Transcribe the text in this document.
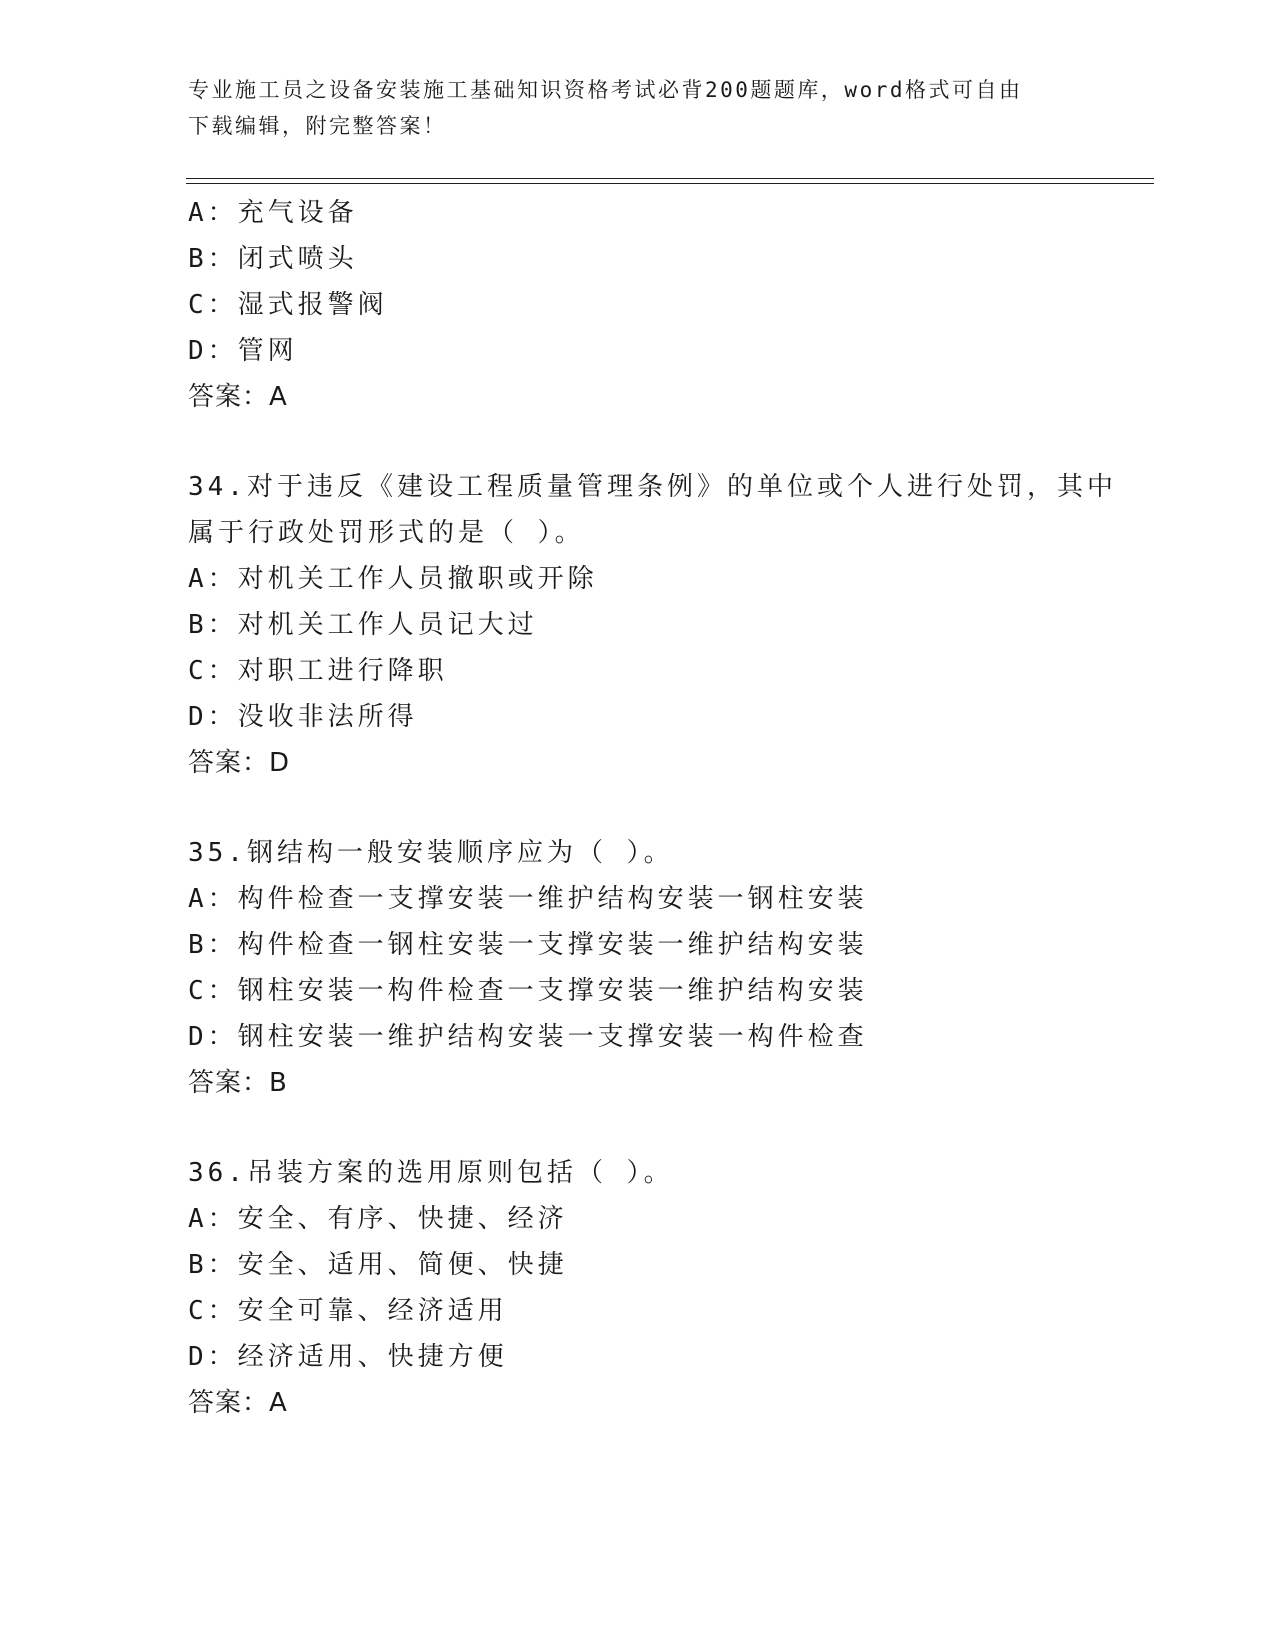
专业施工员之设备安装施工基础知识资格考试必背200题题库，word格式可自由
下载编辑，附完整答案！
A：充气设备
B：闭式喷头
C：湿式报警阀
D：管网
答案：A
34.对于违反《建设工程质量管理条例》的单位或个人进行处罚，其中
属于行政处罚形式的是（ ）。
A：对机关工作人员撤职或开除
B：对机关工作人员记大过
C：对职工进行降职
D：没收非法所得
答案：D
35.钢结构一般安装顺序应为（ ）。
A：构件检查一支撑安装一维护结构安装一钢柱安装
B：构件检查一钢柱安装一支撑安装一维护结构安装
C：钢柱安装一构件检查一支撑安装一维护结构安装
D：钢柱安装一维护结构安装一支撑安装一构件检查
答案：B
36.吊装方案的选用原则包括（ ）。
A：安全、有序、快捷、经济
B：安全、适用、简便、快捷
C：安全可靠、经济适用
D：经济适用、快捷方便
答案：A
